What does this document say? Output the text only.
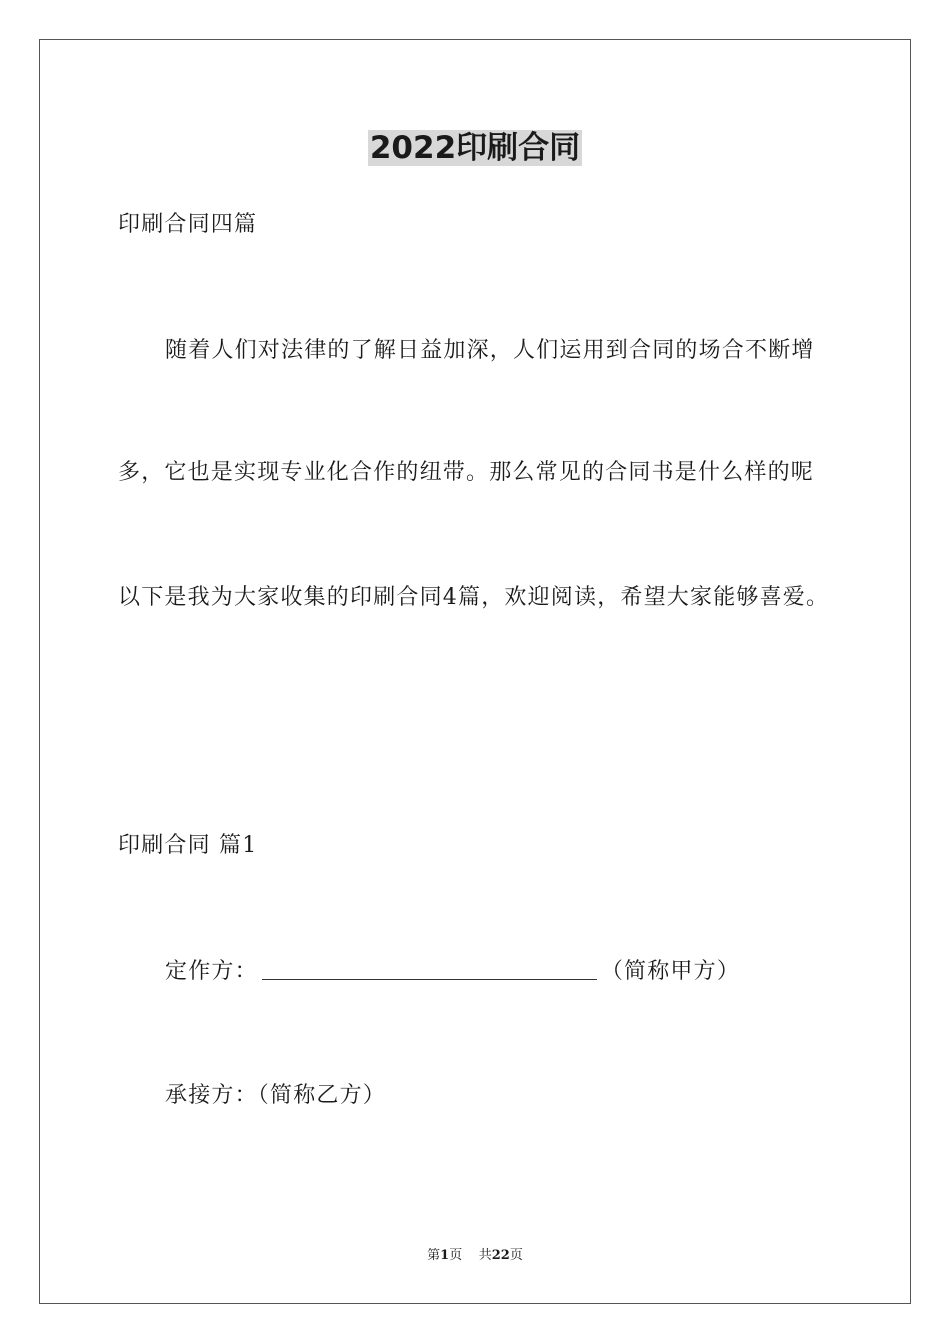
2022印刷合同
印刷合同四篇
随着人们对法律的了解日益加深，人们运用到合同的场合不断增
多，它也是实现专业化合作的纽带。那么常见的合同书是什么样的呢
以下是我为大家收集的印刷合同4篇，欢迎阅读，希望大家能够喜爱。
印刷合同 篇1
定作方：	（简称甲方）
承接方：（简称乙方）
第1页    共22页
